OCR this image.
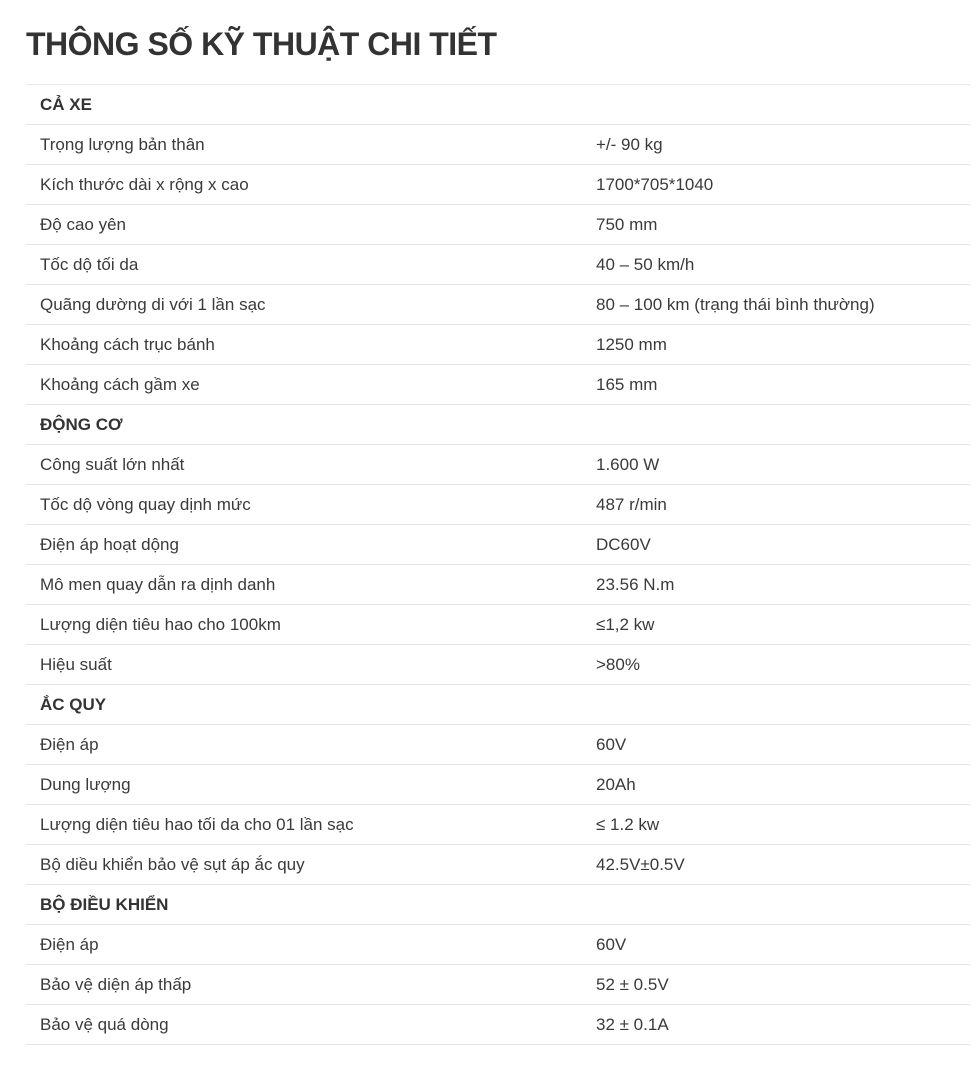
THÔNG SỐ KỸ THUẬT CHI TIẾT
CẢ XE
Trọng lượng bản thân	+/- 90 kg
Kích thước dài x rộng x cao	1700*705*1040
Độ cao yên	750 mm
Tốc dộ tối da	40 – 50 km/h
Quãng dường di với 1 lần sạc	80 – 100 km (trạng thái bình thường)
Khoảng cách trục bánh	1250 mm
Khoảng cách gầm xe	165 mm
ĐỘNG CƠ
Công suất lớn nhất	1.600 W
Tốc dộ vòng quay dịnh mức	487 r/min
Điện áp hoạt dộng	DC60V
Mô men quay dẫn ra dịnh danh	23.56 N.m
Lượng diện tiêu hao cho 100km	≤1,2 kw
Hiệu suất	>80%
ẮC QUY
Điện áp	60V
Dung lượng	20Ah
Lượng diện tiêu hao tối da cho 01 lần sạc	≤ 1.2 kw
Bộ diều khiển bảo vệ sụt áp ắc quy	42.5V±0.5V
BỘ ĐIỀU KHIỂN
Điện áp	60V
Bảo vệ diện áp thấp	52 ± 0.5V
Bảo vệ quá dòng	32 ± 0.1A
